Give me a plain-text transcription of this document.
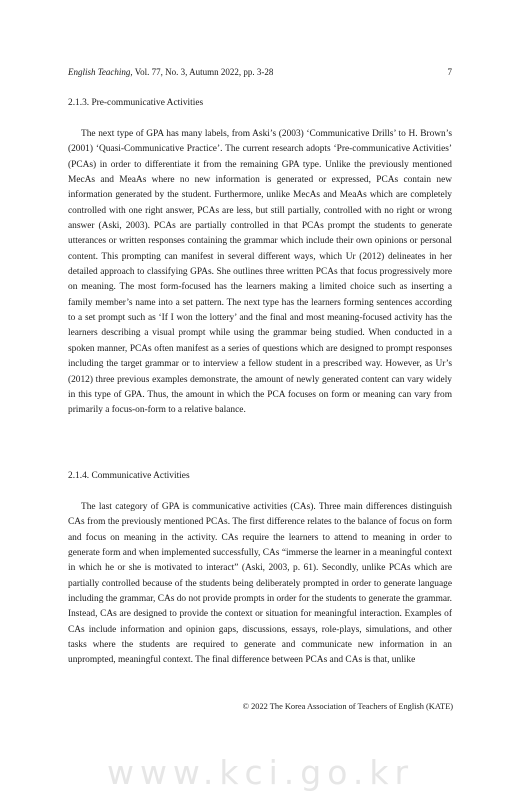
English Teaching, Vol. 77, No. 3, Autumn 2022, pp. 3-28	7
2.1.3. Pre-communicative Activities

The next type of GPA has many labels, from Aski’s (2003) ‘Communicative Drills’ to H. Brown’s (2001) ‘Quasi-Communicative Practice’. The current research adopts ‘Pre-communicative Activities’ (PCAs) in order to differentiate it from the remaining GPA type. Unlike the previously mentioned MecAs and MeaAs where no new information is generated or expressed, PCAs contain new information generated by the student. Furthermore, unlike MecAs and MeaAs which are completely controlled with one right answer, PCAs are less, but still partially, controlled with no right or wrong answer (Aski, 2003). PCAs are partially controlled in that PCAs prompt the students to generate utterances or written responses containing the grammar which include their own opinions or personal content. This prompting can manifest in several different ways, which Ur (2012) delineates in her detailed approach to classifying GPAs. She outlines three written PCAs that focus progressively more on meaning. The most form-focused has the learners making a limited choice such as inserting a family member’s name into a set pattern. The next type has the learners forming sentences according to a set prompt such as ‘If I won the lottery’ and the final and most meaning-focused activity has the learners describing a visual prompt while using the grammar being studied. When conducted in a spoken manner, PCAs often manifest as a series of questions which are designed to prompt responses including the target grammar or to interview a fellow student in a prescribed way. However, as Ur’s (2012) three previous examples demonstrate, the amount of newly generated content can vary widely in this type of GPA. Thus, the amount in which the PCA focuses on form or meaning can vary from primarily a focus-on-form to a relative balance.

2.1.4. Communicative Activities

The last category of GPA is communicative activities (CAs). Three main differences distinguish CAs from the previously mentioned PCAs. The first difference relates to the balance of focus on form and focus on meaning in the activity. CAs require the learners to attend to meaning in order to generate form and when implemented successfully, CAs “immerse the learner in a meaningful context in which he or she is motivated to interact” (Aski, 2003, p. 61). Secondly, unlike PCAs which are partially controlled because of the students being deliberately prompted in order to generate language including the grammar, CAs do not provide prompts in order for the students to generate the grammar. Instead, CAs are designed to provide the context or situation for meaningful interaction. Examples of CAs include information and opinion gaps, discussions, essays, role-plays, simulations, and other tasks where the students are required to generate and communicate new information in an unprompted, meaningful context. The final difference between PCAs and CAs is that, unlike

© 2022 The Korea Association of Teachers of English (KATE)
www.kci.go.kr
